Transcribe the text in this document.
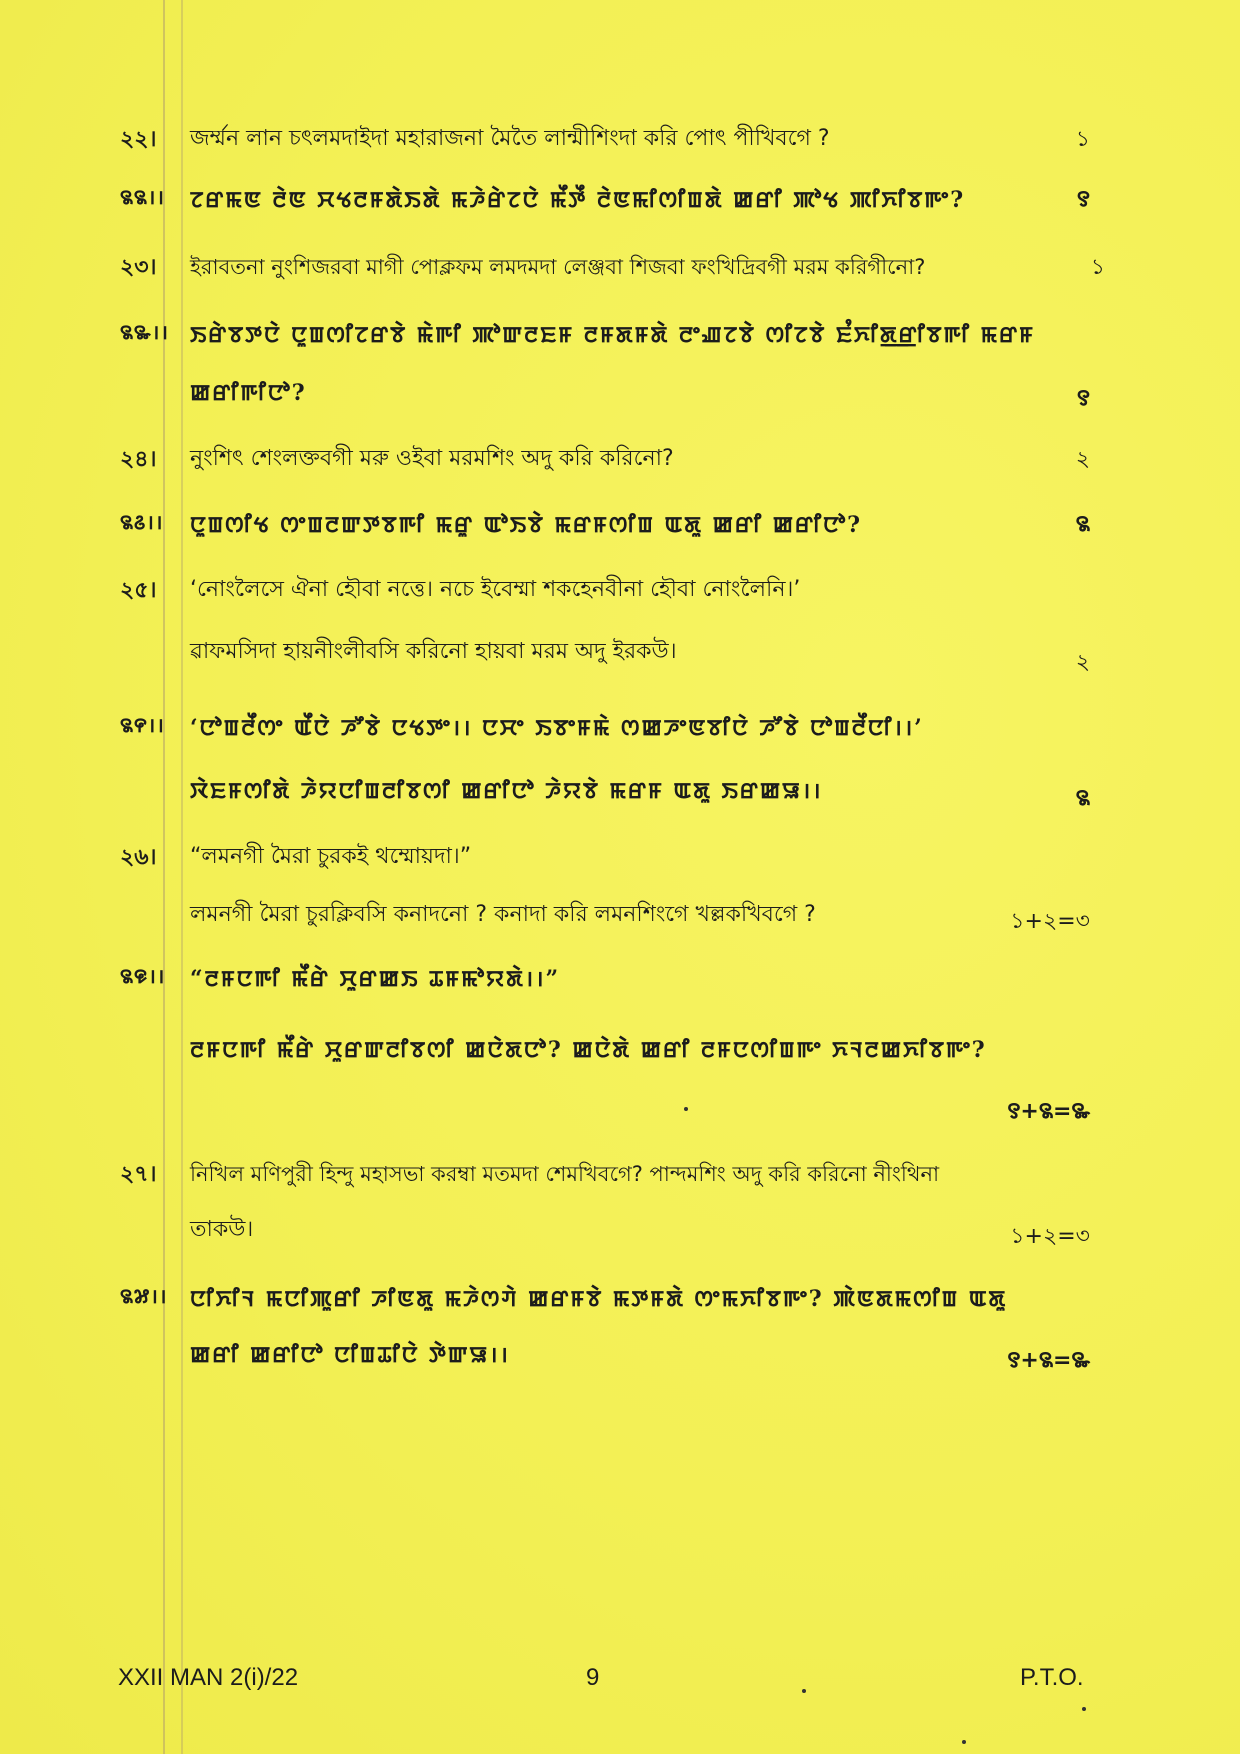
২২। জর্ম্মন লান চৎলমদাইদা মহারাজনা মৈতৈ লান্মীশিংদা করি পোৎ পীখিবগে ?	১
꯲꯲।। ꯖꯔꯃꯟ ꯂꯥꯟ ꯆꯠꯂꯝꯗꯥꯏꯗꯥ ꯃꯍꯥꯔꯥꯖꯅꯥ ꯃꯩꯇꯩ ꯂꯥꯟꯃꯤꯁꯤꯡꯗꯥ ꯀꯔꯤ ꯄꯣꯠ ꯄꯤꯈꯤꯕꯒꯦ?	꯱
২৩। ইরাবতনা নুংশিজরবা মাগী পোক্লফম লমদমদা লেঞ্জবা শিজবা ফংখিদ্রিবগী মরম করিগীনো?	১
꯲꯳।। ꯏꯔꯥꯕꯇꯅꯥ ꯅꯨꯡꯁꯤꯖꯔꯕꯥ ꯃꯥꯒꯤ ꯄꯣꯛꯂꯐꯝ ꯂꯝꯗꯝꯗꯥ ꯂꯦꯉꯖꯕꯥ ꯁꯤꯖꯕꯥ ꯐꯪꯈꯤꯗ꯭ꯔꯤꯕꯒꯤ ꯃꯔꯝ
ꯀꯔꯤꯒꯤꯅꯣ?	꯱
২৪। নুংশিৎ শেংলক্তবগী মরু ওইবা মরমশিং অদু করি করিনো?	২
꯲꯴।। ꯅꯨꯡꯁꯤꯠ ꯁꯦꯡꯂꯛꯇꯕꯒꯤ ꯃꯔꯨ ꯑꯣꯏꯕꯥ ꯃꯔꯝꯁꯤꯡ ꯑꯗꯨ ꯀꯔꯤ ꯀꯔꯤꯅꯣ?	꯲
২৫। ‘নোংলৈসে ঐনা হৌবা নত্তে। নচে ইবেম্মা শকহেনবীনা হৌবা নোংলৈনি।’
ৱাফমসিদা হায়নীংলীবসি করিনো হায়বা মরম অদু ইরকউ।	২
꯲꯵।। ‘ꯅꯣꯡꯂꯩꯁꯦ ꯑꯩꯅꯥ ꯍꯧꯕꯥ ꯅꯠꯇꯦ।। ꯅꯆꯦ ꯏꯕꯦꯝꯃꯥ ꯁꯀꯍꯦꯟꯕꯤꯅꯥ ꯍꯧꯕꯥ ꯅꯣꯡꯂꯩꯅꯤ।।’
ꯋꯥꯐꯝꯁꯤꯗꯥ ꯍꯥꯌꯅꯤꯡꯂꯤꯕꯁꯤ ꯀꯔꯤꯅꯣ ꯍꯥꯌꯕꯥ ꯃꯔꯝ ꯑꯗꯨ ꯏꯔꯀꯎ।।	꯲
২৬। “লমনগী মৈরা চুরকই থম্মোয়দা।”
লমনগী মৈরা চুরক্লিবসি কনাদনো ? কনাদা করি লমনশিংগে খল্লকখিবগে ?	১+২=৩
꯲꯶।। “ꯂꯝꯅꯒꯤ ꯃꯩꯔꯥ ꯆꯨꯔꯀꯏ ꯊꯝꯃꯣꯌꯗꯥ।।”
ꯂꯝꯅꯒꯤ ꯃꯩꯔꯥ ꯆꯨꯔꯛꯂꯤꯕꯁꯤ ꯀꯅꯥꯗꯅꯣ? ꯀꯅꯥꯗꯥ ꯀꯔꯤ ꯂꯝꯅꯁꯤꯡꯒꯦ ꯈꯜꯂꯀꯈꯤꯕꯒꯦ?
꯱+꯲=꯳
২৭। নিখিল মণিপুরী হিন্দু মহাসভা করম্বা মতমদা শেমখিবগে? পান্দমশিং অদু করি করিনো নীংথিনা
তাকউ।	১+২=৩
꯲꯷।। ꯅꯤꯈꯤꯜ ꯃꯅꯤꯄꯨꯔꯤ ꯍꯤꯟꯗꯨ ꯃꯍꯥꯁꯚꯥ ꯀꯔꯝꯕꯥ ꯃꯇꯝꯗꯥ ꯁꯦꯃꯈꯤꯕꯒꯦ? ꯄꯥꯟꯗꯃꯁꯤꯡ ꯑꯗꯨ
ꯀꯔꯤ ꯀꯔꯤꯅꯣ ꯅꯤꯡꯊꯤꯅꯥ ꯇꯥꯛꯎ।।	꯱+꯲=꯳
XXII MAN 2(i)/22	9	P.T.O.
